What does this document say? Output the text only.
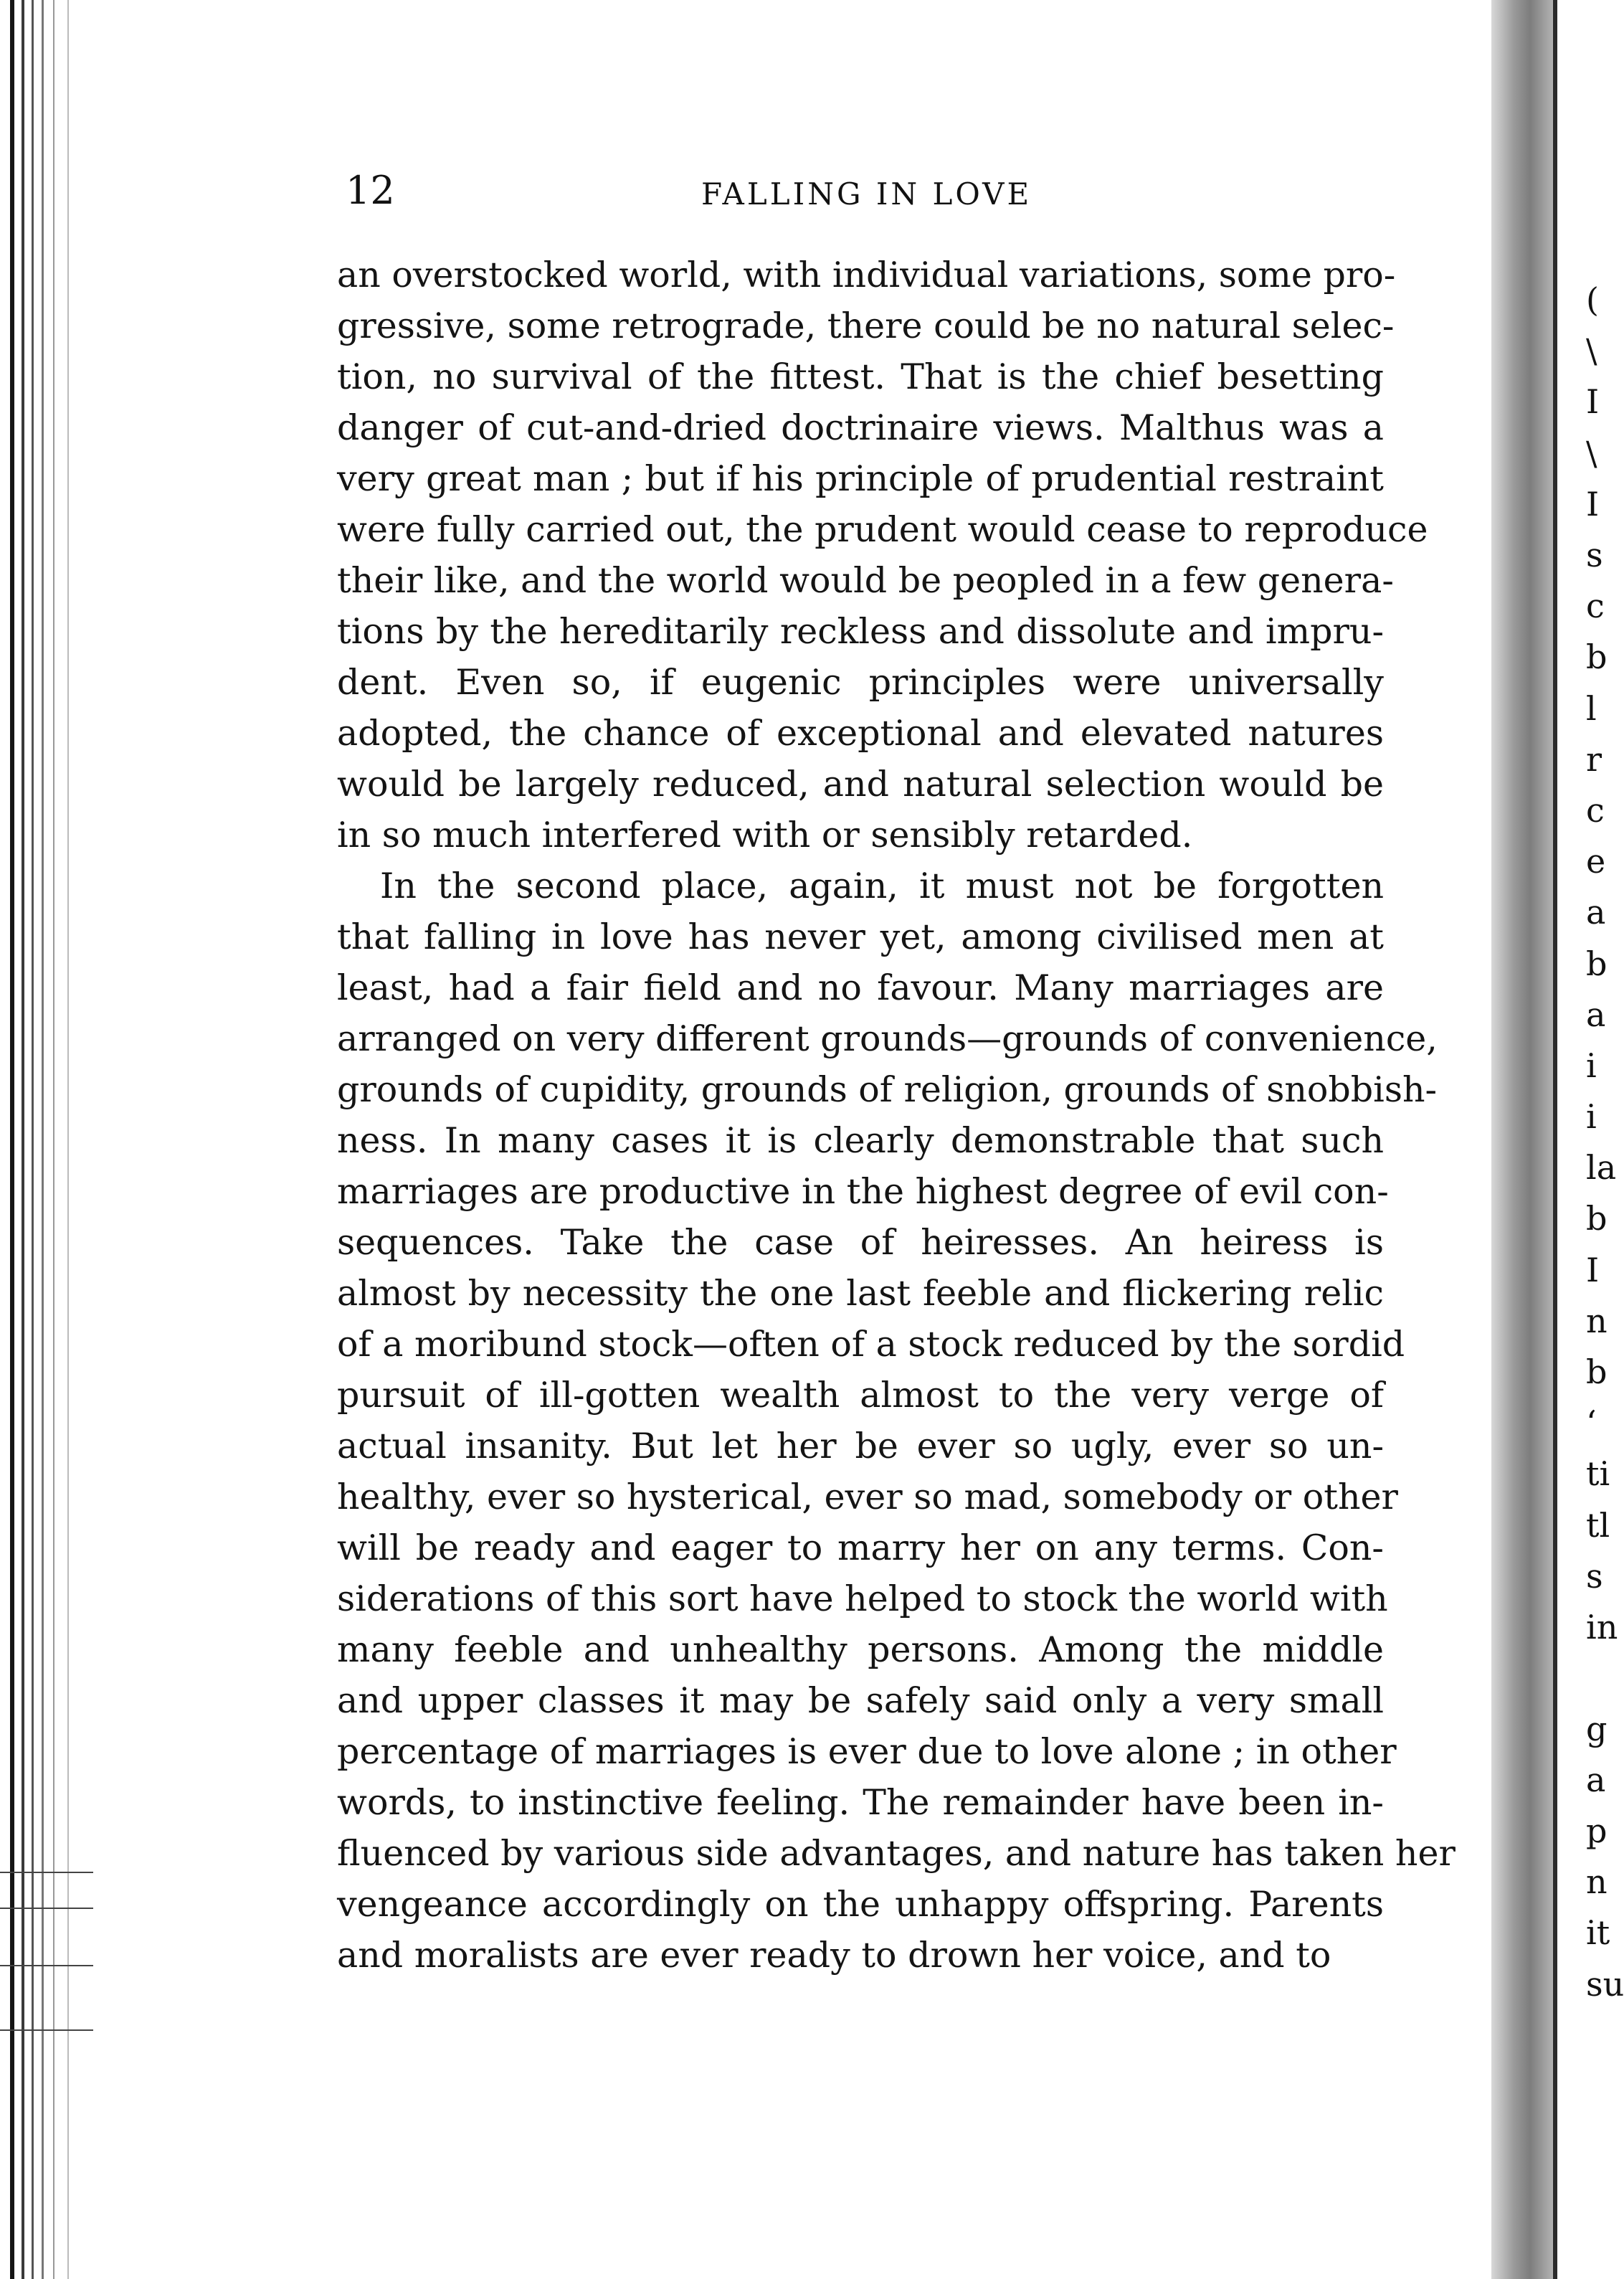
12	FALLING IN LOVE
an overstocked world, with individual variations, some pro-
gressive, some retrograde, there could be no natural selec-
tion, no survival of the fittest. That is the chief besetting
danger of cut-and-dried doctrinaire views. Malthus was a
very great man ; but if his principle of prudential restraint
were fully carried out, the prudent would cease to reproduce
their like, and the world would be peopled in a few genera-
tions by the hereditarily reckless and dissolute and impru-
dent. Even so, if eugenic principles were universally
adopted, the chance of exceptional and elevated natures
would be largely reduced, and natural selection would be
in so much interfered with or sensibly retarded.
In the second place, again, it must not be forgotten
that falling in love has never yet, among civilised men at
least, had a fair field and no favour. Many marriages are
arranged on very different grounds—grounds of convenience,
grounds of cupidity, grounds of religion, grounds of snobbish-
ness. In many cases it is clearly demonstrable that such
marriages are productive in the highest degree of evil con-
sequences. Take the case of heiresses. An heiress is
almost by necessity the one last feeble and flickering relic
of a moribund stock—often of a stock reduced by the sordid
pursuit of ill-gotten wealth almost to the very verge of
actual insanity. But let her be ever so ugly, ever so un-
healthy, ever so hysterical, ever so mad, somebody or other
will be ready and eager to marry her on any terms. Con-
siderations of this sort have helped to stock the world with
many feeble and unhealthy persons. Among the middle
and upper classes it may be safely said only a very small
percentage of marriages is ever due to love alone ; in other
words, to instinctive feeling. The remainder have been in-
fluenced by various side advantages, and nature has taken her
vengeance accordingly on the unhappy offspring. Parents
and moralists are ever ready to drown her voice, and to
(
\
I
\
I
s
c
b
l
r
c
e
a
b
a
i
i
la
b
I
n
b
‘
ti
tl
s
in
g
a
p
n
it
su
